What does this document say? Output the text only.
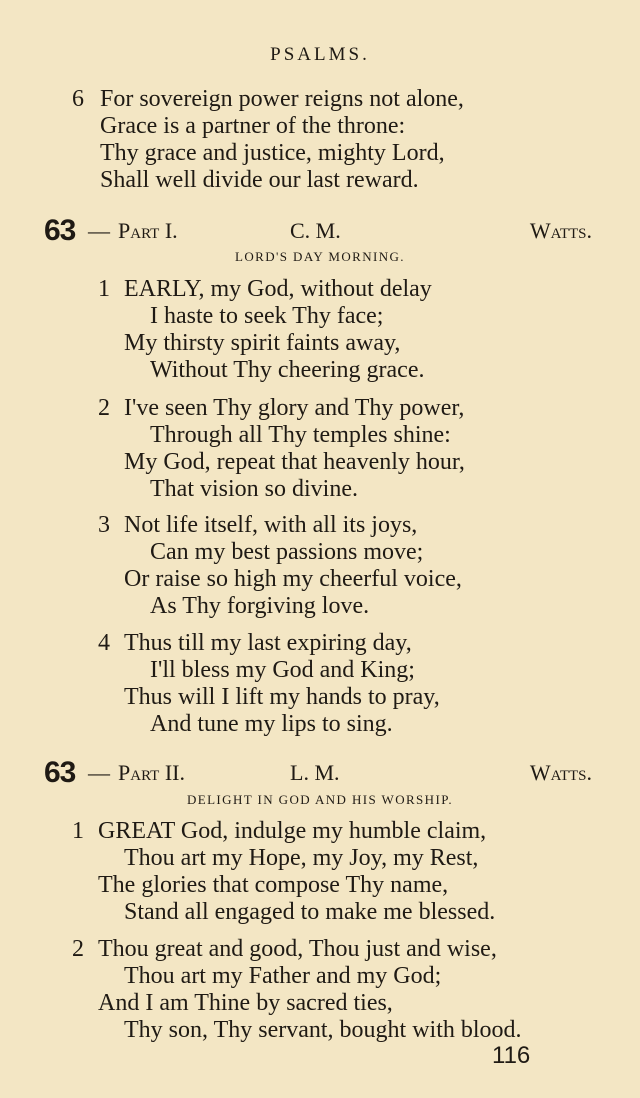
PSALMS.
6 For sovereign power reigns not alone,
Grace is a partner of the throne:
Thy grace and justice, mighty Lord,
Shall well divide our last reward.
63 — Part I.	C. M.	Watts.
LORD'S DAY MORNING.
1 EARLY, my God, without delay
I haste to seek Thy face;
My thirsty spirit faints away,
Without Thy cheering grace.
2 I've seen Thy glory and Thy power,
Through all Thy temples shine:
My God, repeat that heavenly hour,
That vision so divine.
3 Not life itself, with all its joys,
Can my best passions move;
Or raise so high my cheerful voice,
As Thy forgiving love.
4 Thus till my last expiring day,
I'll bless my God and King;
Thus will I lift my hands to pray,
And tune my lips to sing.
63 — Part II.	L. M.	Watts.
DELIGHT IN GOD AND HIS WORSHIP.
1 GREAT God, indulge my humble claim,
Thou art my Hope, my Joy, my Rest,
The glories that compose Thy name,
Stand all engaged to make me blessed.
2 Thou great and good, Thou just and wise,
Thou art my Father and my God;
And I am Thine by sacred ties,
Thy son, Thy servant, bought with blood.
116
